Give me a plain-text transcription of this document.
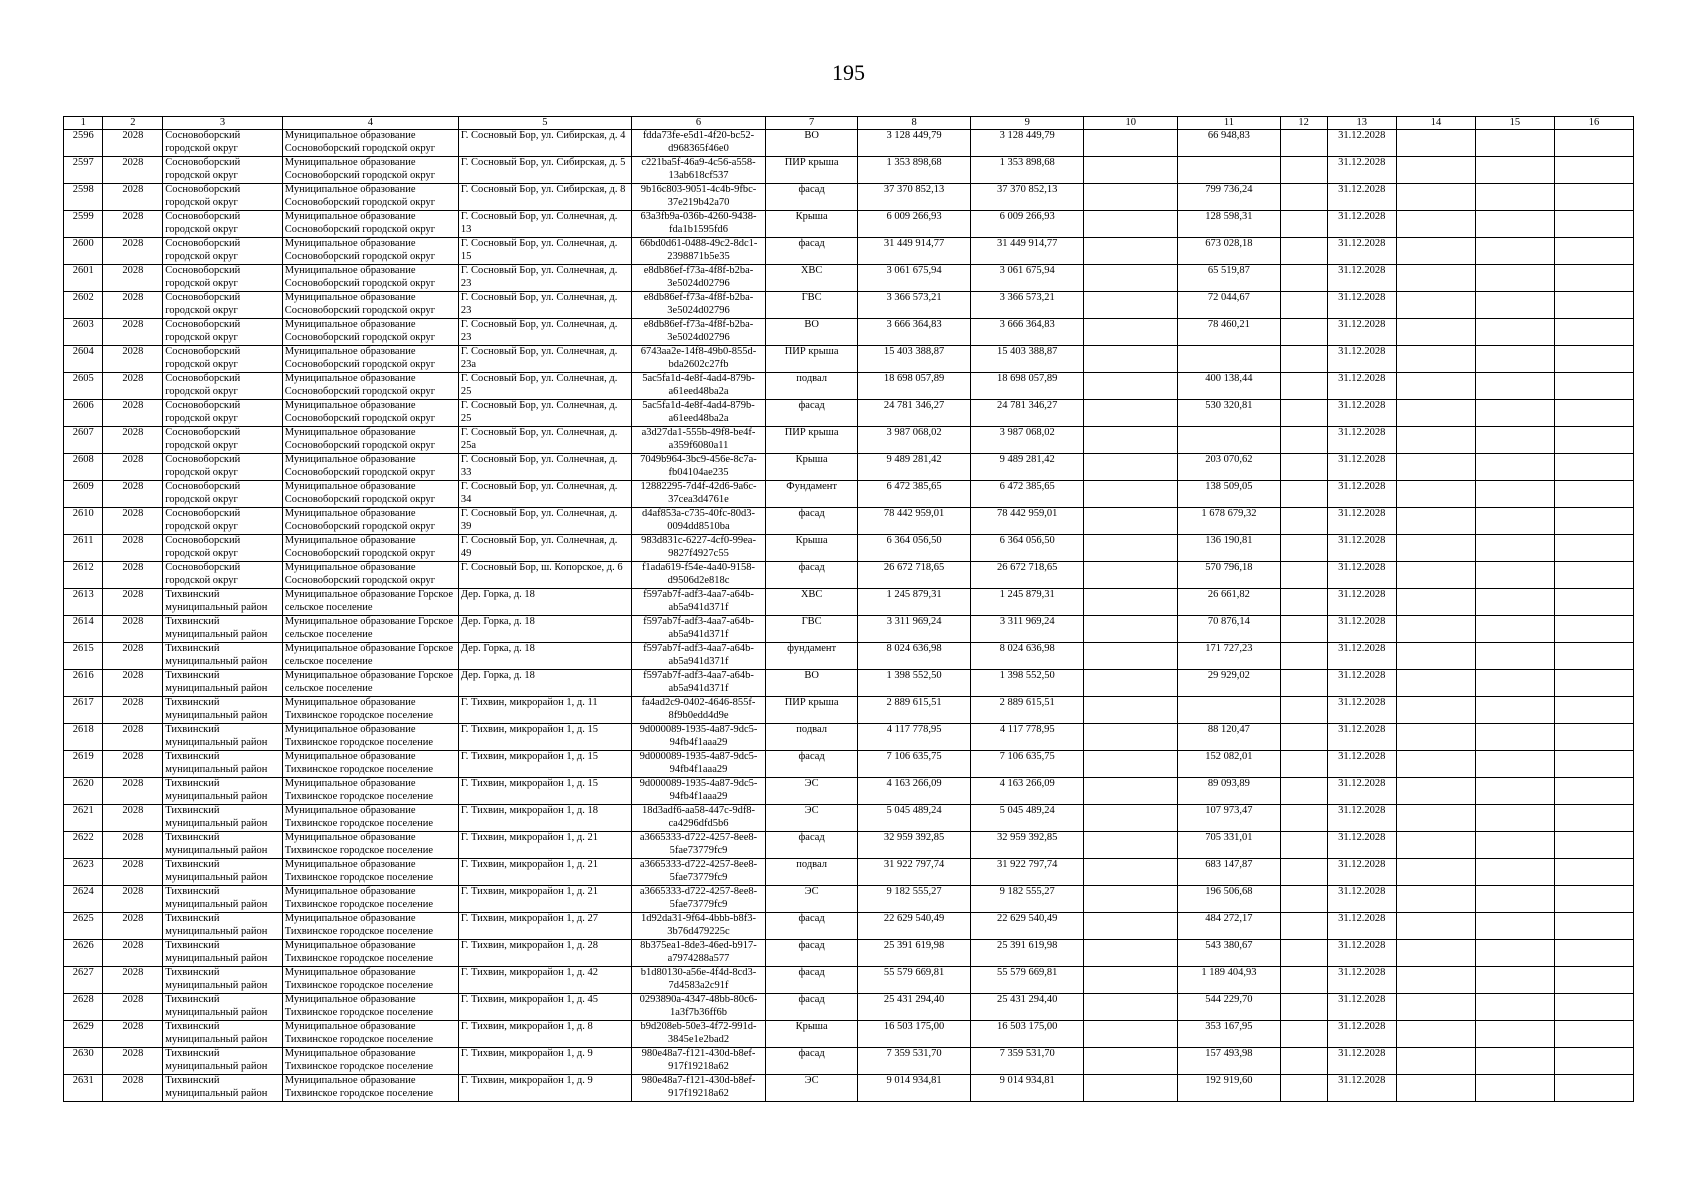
195
1	2	3	4	5	6	7	8	9	10	11	12	13	14	15	16
2596	2028	Сосновоборский городской округ	Муниципальное образование Сосновоборский городской округ	Г. Сосновый Бор, ул. Сибирская, д. 4	fdda73fe-e5d1-4f20-bc52-d968365f46e0	ВО	3 128 449,79	3 128 449,79		66 948,83		31.12.2028			
2597	2028	Сосновоборский городской округ	Муниципальное образование Сосновоборский городской округ	Г. Сосновый Бор, ул. Сибирская, д. 5	c221ba5f-46a9-4c56-a558-13ab618cf537	ПИР крыша	1 353 898,68	1 353 898,68				31.12.2028			
2598	2028	Сосновоборский городской округ	Муниципальное образование Сосновоборский городской округ	Г. Сосновый Бор, ул. Сибирская, д. 8	9b16c803-9051-4c4b-9fbc-37e219b42a70	фасад	37 370 852,13	37 370 852,13		799 736,24		31.12.2028			
2599	2028	Сосновоборский городской округ	Муниципальное образование Сосновоборский городской округ	Г. Сосновый Бор, ул. Солнечная, д. 13	63a3fb9a-036b-4260-9438-fda1b1595fd6	Крыша	6 009 266,93	6 009 266,93		128 598,31		31.12.2028			
2600	2028	Сосновоборский городской округ	Муниципальное образование Сосновоборский городской округ	Г. Сосновый Бор, ул. Солнечная, д. 15	66bd0d61-0488-49c2-8dc1-2398871b5e35	фасад	31 449 914,77	31 449 914,77		673 028,18		31.12.2028			
2601	2028	Сосновоборский городской округ	Муниципальное образование Сосновоборский городской округ	Г. Сосновый Бор, ул. Солнечная, д. 23	e8db86ef-f73a-4f8f-b2ba-3e5024d02796	ХВС	3 061 675,94	3 061 675,94		65 519,87		31.12.2028			
2602	2028	Сосновоборский городской округ	Муниципальное образование Сосновоборский городской округ	Г. Сосновый Бор, ул. Солнечная, д. 23	e8db86ef-f73a-4f8f-b2ba-3e5024d02796	ГВС	3 366 573,21	3 366 573,21		72 044,67		31.12.2028			
2603	2028	Сосновоборский городской округ	Муниципальное образование Сосновоборский городской округ	Г. Сосновый Бор, ул. Солнечная, д. 23	e8db86ef-f73a-4f8f-b2ba-3e5024d02796	ВО	3 666 364,83	3 666 364,83		78 460,21		31.12.2028			
2604	2028	Сосновоборский городской округ	Муниципальное образование Сосновоборский городской округ	Г. Сосновый Бор, ул. Солнечная, д. 23а	6743aa2e-14f8-49b0-855d-bda2602c27fb	ПИР крыша	15 403 388,87	15 403 388,87				31.12.2028			
2605	2028	Сосновоборский городской округ	Муниципальное образование Сосновоборский городской округ	Г. Сосновый Бор, ул. Солнечная, д. 25	5ac5fa1d-4e8f-4ad4-879b-a61eed48ba2a	подвал	18 698 057,89	18 698 057,89		400 138,44		31.12.2028			
2606	2028	Сосновоборский городской округ	Муниципальное образование Сосновоборский городской округ	Г. Сосновый Бор, ул. Солнечная, д. 25	5ac5fa1d-4e8f-4ad4-879b-a61eed48ba2a	фасад	24 781 346,27	24 781 346,27		530 320,81		31.12.2028			
2607	2028	Сосновоборский городской округ	Муниципальное образование Сосновоборский городской округ	Г. Сосновый Бор, ул. Солнечная, д. 25а	a3d27da1-555b-49f8-be4f-a359f6080a11	ПИР крыша	3 987 068,02	3 987 068,02				31.12.2028			
2608	2028	Сосновоборский городской округ	Муниципальное образование Сосновоборский городской округ	Г. Сосновый Бор, ул. Солнечная, д. 33	7049b964-3bc9-456e-8c7a-fb04104ae235	Крыша	9 489 281,42	9 489 281,42		203 070,62		31.12.2028			
2609	2028	Сосновоборский городской округ	Муниципальное образование Сосновоборский городской округ	Г. Сосновый Бор, ул. Солнечная, д. 34	12882295-7d4f-42d6-9a6c-37cea3d4761e	Фундамент	6 472 385,65	6 472 385,65		138 509,05		31.12.2028			
2610	2028	Сосновоборский городской округ	Муниципальное образование Сосновоборский городской округ	Г. Сосновый Бор, ул. Солнечная, д. 39	d4af853a-c735-40fc-80d3-0094dd8510ba	фасад	78 442 959,01	78 442 959,01		1 678 679,32		31.12.2028			
2611	2028	Сосновоборский городской округ	Муниципальное образование Сосновоборский городской округ	Г. Сосновый Бор, ул. Солнечная, д. 49	983d831c-6227-4cf0-99ea-9827f4927c55	Крыша	6 364 056,50	6 364 056,50		136 190,81		31.12.2028			
2612	2028	Сосновоборский городской округ	Муниципальное образование Сосновоборский городской округ	Г. Сосновый Бор, ш. Копорское, д. 6	f1ada619-f54e-4a40-9158-d9506d2e818c	фасад	26 672 718,65	26 672 718,65		570 796,18		31.12.2028			
2613	2028	Тихвинский муниципальный район	Муниципальное образование Горское сельское поселение	Дер. Горка, д. 18	f597ab7f-adf3-4aa7-a64b-ab5a941d371f	ХВС	1 245 879,31	1 245 879,31		26 661,82		31.12.2028			
2614	2028	Тихвинский муниципальный район	Муниципальное образование Горское сельское поселение	Дер. Горка, д. 18	f597ab7f-adf3-4aa7-a64b-ab5a941d371f	ГВС	3 311 969,24	3 311 969,24		70 876,14		31.12.2028			
2615	2028	Тихвинский муниципальный район	Муниципальное образование Горское сельское поселение	Дер. Горка, д. 18	f597ab7f-adf3-4aa7-a64b-ab5a941d371f	фундамент	8 024 636,98	8 024 636,98		171 727,23		31.12.2028			
2616	2028	Тихвинский муниципальный район	Муниципальное образование Горское сельское поселение	Дер. Горка, д. 18	f597ab7f-adf3-4aa7-a64b-ab5a941d371f	ВО	1 398 552,50	1 398 552,50		29 929,02		31.12.2028			
2617	2028	Тихвинский муниципальный район	Муниципальное образование Тихвинское городское поселение	Г. Тихвин, микрорайон 1, д. 11	fa4ad2c9-0402-4646-855f-8f9b0edd4d9e	ПИР крыша	2 889 615,51	2 889 615,51				31.12.2028			
2618	2028	Тихвинский муниципальный район	Муниципальное образование Тихвинское городское поселение	Г. Тихвин, микрорайон 1, д. 15	9d000089-1935-4a87-9dc5-94fb4f1aaa29	подвал	4 117 778,95	4 117 778,95		88 120,47		31.12.2028			
2619	2028	Тихвинский муниципальный район	Муниципальное образование Тихвинское городское поселение	Г. Тихвин, микрорайон 1, д. 15	9d000089-1935-4a87-9dc5-94fb4f1aaa29	фасад	7 106 635,75	7 106 635,75		152 082,01		31.12.2028			
2620	2028	Тихвинский муниципальный район	Муниципальное образование Тихвинское городское поселение	Г. Тихвин, микрорайон 1, д. 15	9d000089-1935-4a87-9dc5-94fb4f1aaa29	ЭС	4 163 266,09	4 163 266,09		89 093,89		31.12.2028			
2621	2028	Тихвинский муниципальный район	Муниципальное образование Тихвинское городское поселение	Г. Тихвин, микрорайон 1, д. 18	18d3adf6-aa58-447c-9df8-ca4296dfd5b6	ЭС	5 045 489,24	5 045 489,24		107 973,47		31.12.2028			
2622	2028	Тихвинский муниципальный район	Муниципальное образование Тихвинское городское поселение	Г. Тихвин, микрорайон 1, д. 21	a3665333-d722-4257-8ee8-5fae73779fc9	фасад	32 959 392,85	32 959 392,85		705 331,01		31.12.2028			
2623	2028	Тихвинский муниципальный район	Муниципальное образование Тихвинское городское поселение	Г. Тихвин, микрорайон 1, д. 21	a3665333-d722-4257-8ee8-5fae73779fc9	подвал	31 922 797,74	31 922 797,74		683 147,87		31.12.2028			
2624	2028	Тихвинский муниципальный район	Муниципальное образование Тихвинское городское поселение	Г. Тихвин, микрорайон 1, д. 21	a3665333-d722-4257-8ee8-5fae73779fc9	ЭС	9 182 555,27	9 182 555,27		196 506,68		31.12.2028			
2625	2028	Тихвинский муниципальный район	Муниципальное образование Тихвинское городское поселение	Г. Тихвин, микрорайон 1, д. 27	1d92da31-9f64-4bbb-b8f3-3b76d479225c	фасад	22 629 540,49	22 629 540,49		484 272,17		31.12.2028			
2626	2028	Тихвинский муниципальный район	Муниципальное образование Тихвинское городское поселение	Г. Тихвин, микрорайон 1, д. 28	8b375ea1-8de3-46ed-b917-a7974288a577	фасад	25 391 619,98	25 391 619,98		543 380,67		31.12.2028			
2627	2028	Тихвинский муниципальный район	Муниципальное образование Тихвинское городское поселение	Г. Тихвин, микрорайон 1, д. 42	b1d80130-a56e-4f4d-8cd3-7d4583a2c91f	фасад	55 579 669,81	55 579 669,81		1 189 404,93		31.12.2028			
2628	2028	Тихвинский муниципальный район	Муниципальное образование Тихвинское городское поселение	Г. Тихвин, микрорайон 1, д. 45	0293890a-4347-48bb-80c6-1a3f7b36ff6b	фасад	25 431 294,40	25 431 294,40		544 229,70		31.12.2028			
2629	2028	Тихвинский муниципальный район	Муниципальное образование Тихвинское городское поселение	Г. Тихвин, микрорайон 1, д. 8	b9d208eb-50e3-4f72-991d-3845e1e2bad2	Крыша	16 503 175,00	16 503 175,00		353 167,95		31.12.2028			
2630	2028	Тихвинский муниципальный район	Муниципальное образование Тихвинское городское поселение	Г. Тихвин, микрорайон 1, д. 9	980e48a7-f121-430d-b8ef-917f19218a62	фасад	7 359 531,70	7 359 531,70		157 493,98		31.12.2028			
2631	2028	Тихвинский муниципальный район	Муниципальное образование Тихвинское городское поселение	Г. Тихвин, микрорайон 1, д. 9	980e48a7-f121-430d-b8ef-917f19218a62	ЭС	9 014 934,81	9 014 934,81		192 919,60		31.12.2028			
